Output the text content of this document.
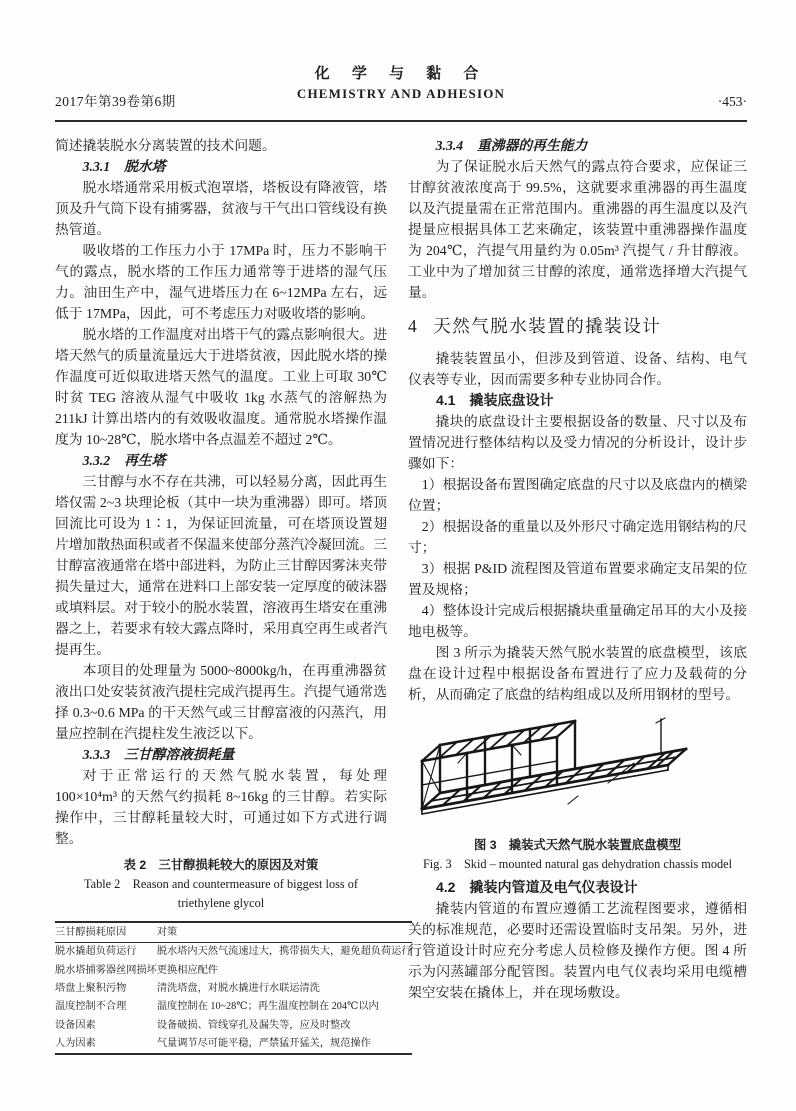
2017年第39卷第6期
化 学 与 黏 合
CHEMISTRY AND ADHESION
·453·

简述撬装脱水分离装置的技术问题。

3.3.1　脱水塔

脱水塔通常采用板式泡罩塔，塔板设有降液管，塔顶及升气筒下设有捕雾器，贫液与干气出口管线设有换热管道。

吸收塔的工作压力小于 17MPa 时，压力不影响干气的露点，脱水塔的工作压力通常等于进塔的湿气压力。油田生产中，湿气进塔压力在 6~12MPa 左右，远低于 17MPa，因此，可不考虑压力对吸收塔的影响。

脱水塔的工作温度对出塔干气的露点影响很大。进塔天然气的质量流量远大于进塔贫液，因此脱水塔的操作温度可近似取进塔天然气的温度。工业上可取 30℃时贫 TEG 溶液从湿气中吸收 1kg 水蒸气的溶解热为 211kJ 计算出塔内的有效吸收温度。通常脱水塔操作温度为 10~28℃，脱水塔中各点温差不超过 2℃。

3.3.2　再生塔

三甘醇与水不存在共沸，可以轻易分离，因此再生塔仅需 2~3 块理论板（其中一块为重沸器）即可。塔顶回流比可设为 1∶1，为保证回流量，可在塔顶设置翅片增加散热面积或者不保温来使部分蒸汽冷凝回流。三甘醇富液通常在塔中部进料，为防止三甘醇因雾沫夹带损失量过大，通常在进料口上部安装一定厚度的破沫器或填料层。对于较小的脱水装置，溶液再生塔安在重沸器之上，若要求有较大露点降时，采用真空再生或者汽提再生。

本项目的处理量为 5000~8000kg/h，在再重沸器贫液出口处安装贫液汽提柱完成汽提再生。汽提气通常选择 0.3~0.6 MPa 的干天然气或三甘醇富液的闪蒸汽，用量应控制在汽提柱发生液泛以下。

3.3.3　三甘醇溶液损耗量

对于正常运行的天然气脱水装置，每处理 100×10⁴m³ 的天然气约损耗 8~16kg 的三甘醇。若实际操作中，三甘醇耗量较大时，可通过如下方式进行调整。

表 2　三甘醇损耗较大的原因及对策
Table 2　Reason and countermeasure of biggest loss of
triethylene glycol
三甘醇损耗原因	对策
脱水撬超负荷运行	脱水塔内天然气流速过大，携带损失大，避免超负荷运行
脱水塔捕雾器丝网损坏	更换相应配件
塔盘上聚积污物	清洗塔盘，对脱水撬进行水联运清洗
温度控制不合理	温度控制在 10~28℃；再生温度控制在 204℃以内
设备因素	设备破损、管线穿孔及漏失等，应及时整改
人为因素	气量调节尽可能平稳，严禁猛开猛关，规范操作

3.3.4　重沸器的再生能力

为了保证脱水后天然气的露点符合要求，应保证三甘醇贫液浓度高于 99.5%，这就要求重沸器的再生温度以及汽提量需在正常范围内。重沸器的再生温度以及汽提量应根据具体工艺来确定，该装置中重沸器操作温度为 204℃，汽提气用量约为 0.05m³ 汽提气 / 升甘醇液。工业中为了增加贫三甘醇的浓度，通常选择增大汽提气量。

4 天然气脱水装置的撬装设计

撬装装置虽小，但涉及到管道、设备、结构、电气仪表等专业，因而需要多种专业协同合作。

4.1　撬装底盘设计

撬块的底盘设计主要根据设备的数量、尺寸以及布置情况进行整体结构以及受力情况的分析设计，设计步骤如下：

1）根据设备布置图确定底盘的尺寸以及底盘内的横梁位置；

2）根据设备的重量以及外形尺寸确定选用钢结构的尺寸；

3）根据 P&ID 流程图及管道布置要求确定支吊架的位置及规格；

4）整体设计完成后根据撬块重量确定吊耳的大小及接地电极等。

图 3 所示为撬装天然气脱水装置的底盘模型，该底盘在设计过程中根据设备布置进行了应力及载荷的分析，从而确定了底盘的结构组成以及所用钢材的型号。

图 3　撬装式天然气脱水装置底盘模型
Fig. 3　Skid – mounted natural gas dehydration chassis model

4.2　撬装内管道及电气仪表设计

撬装内管道的布置应遵循工艺流程图要求，遵循相关的标准规范，必要时还需设置临时支吊架。另外，进行管道设计时应充分考虑人员检修及操作方便。图 4 所示为闪蒸罐部分配管图。装置内电气仪表均采用电缆槽架空安装在撬体上，并在现场敷设。
